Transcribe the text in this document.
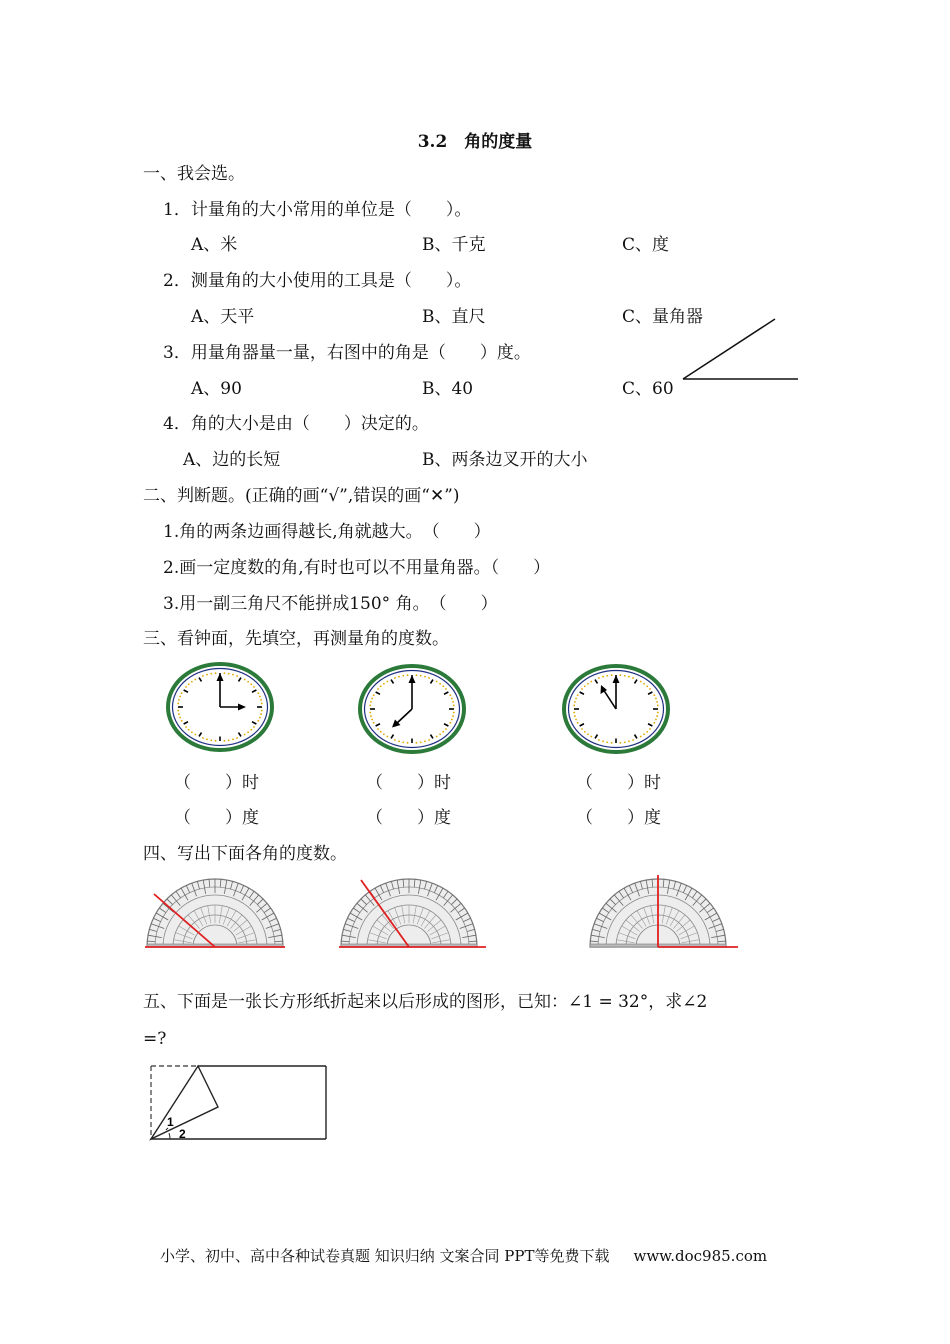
3.2　角的度量
一、我会选。
1．计量角的大小常用的单位是（　　）。
A、米	B、千克	C、度
2．测量角的大小使用的工具是（　　）。
A、天平	B、直尺	C、量角器
3．用量角器量一量，右图中的角是（　　）度。
A、90	B、40	C、60
4．角的大小是由（　　）决定的。
A、边的长短	B、两条边叉开的大小
二、判断题。(正确的画“√”,错误的画“✕”)
1.角的两条边画得越长,角就越大。　（　　）
2.画一定度数的角,有时也可以不用量角器。（　　）
3.用一副三角尺不能拼成150° 角。　（　　）
三、看钟面，先填空，再测量角的度数。
（　　）时	（　　）时	（　　）时
（　　）度	（　　）度	（　　）度
四、写出下面各角的度数。
五、下面是一张长方形纸折起来以后形成的图形，已知：∠1 = 32°，求∠2
=?
1
2
小学、初中、高中各种试卷真题 知识归纳 文案合同 PPT等免费下载 www.doc985.com
